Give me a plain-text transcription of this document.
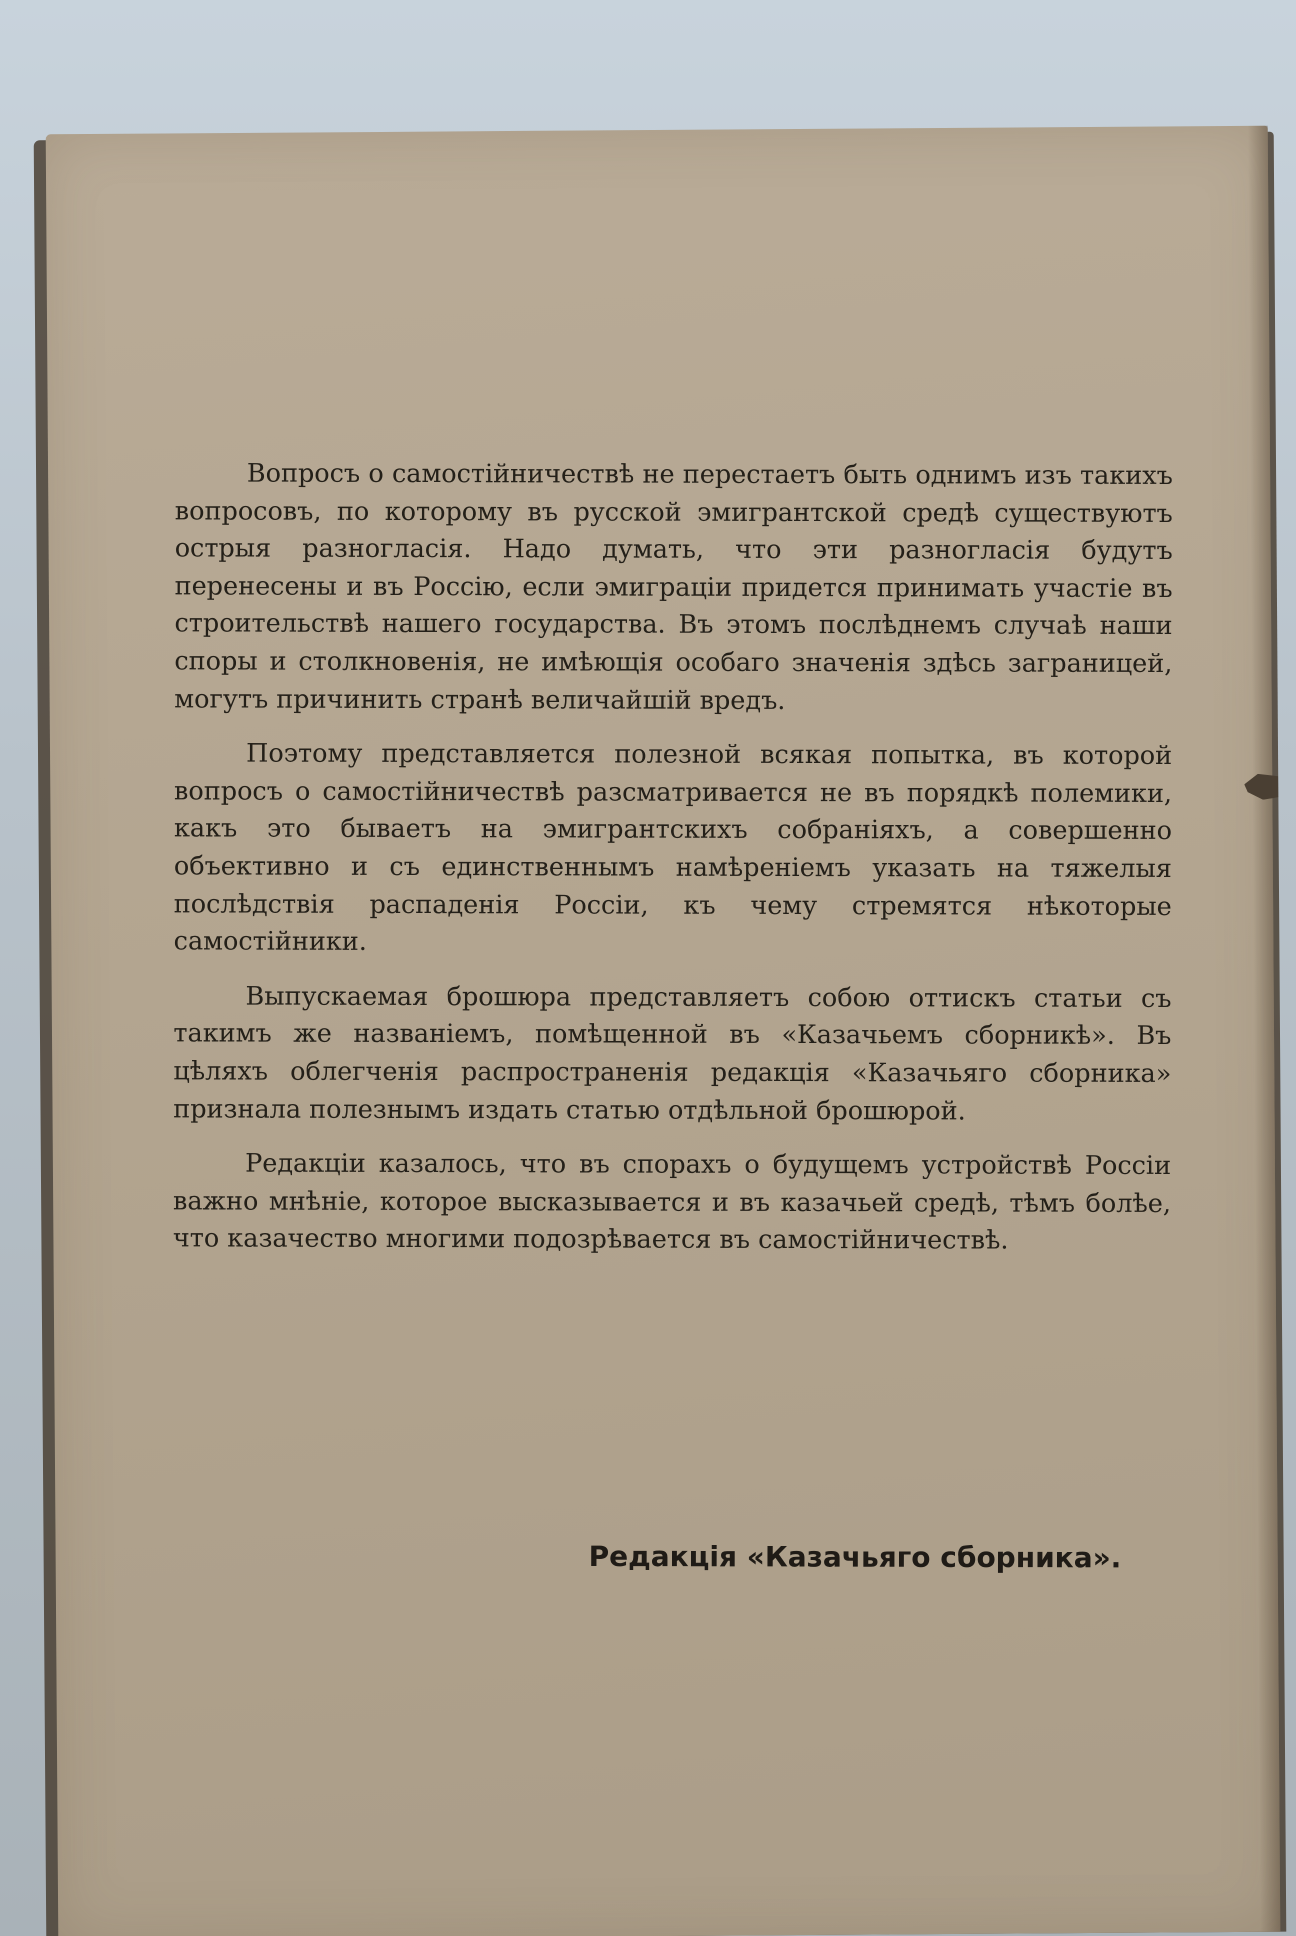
Вопросъ о самостійничествѣ не перестаетъ быть однимъ изъ такихъ вопросовъ, по которому въ русской эмигрантской средѣ существуютъ острыя разногласія. Надо думать, что эти разногласія будутъ перенесены и въ Россію, если эмиграціи придется принимать участіе въ строительствѣ нашего государства. Въ этомъ послѣднемъ случаѣ наши споры и столкновенія, не имѣющія особаго значенія здѣсь заграницей, могутъ причинить странѣ величайшій вредъ.

Поэтому представляется полезной всякая попытка, въ которой вопросъ о самостійничествѣ разсматривается не въ порядкѣ полемики, какъ это бываетъ на эмигрантскихъ собраніяхъ, а совершенно объективно и съ единственнымъ намѣреніемъ указать на тяжелыя послѣдствія распаденія Россіи, къ чему стремятся нѣкоторые самостійники.

Выпускаемая брошюра представляетъ собою оттискъ статьи съ такимъ же названіемъ, помѣщенной въ «Казачьемъ сборникѣ». Въ цѣляхъ облегченія распространенія редакція «Казачьяго сборника» признала полезнымъ издать статью отдѣльной брошюрой.

Редакціи казалось, что въ спорахъ о будущемъ устройствѣ Россіи важно мнѣніе, которое высказывается и въ казачьей средѣ, тѣмъ болѣе, что казачество многими подозрѣвается въ самостійничествѣ.

Редакція «Казачьяго сборника».
